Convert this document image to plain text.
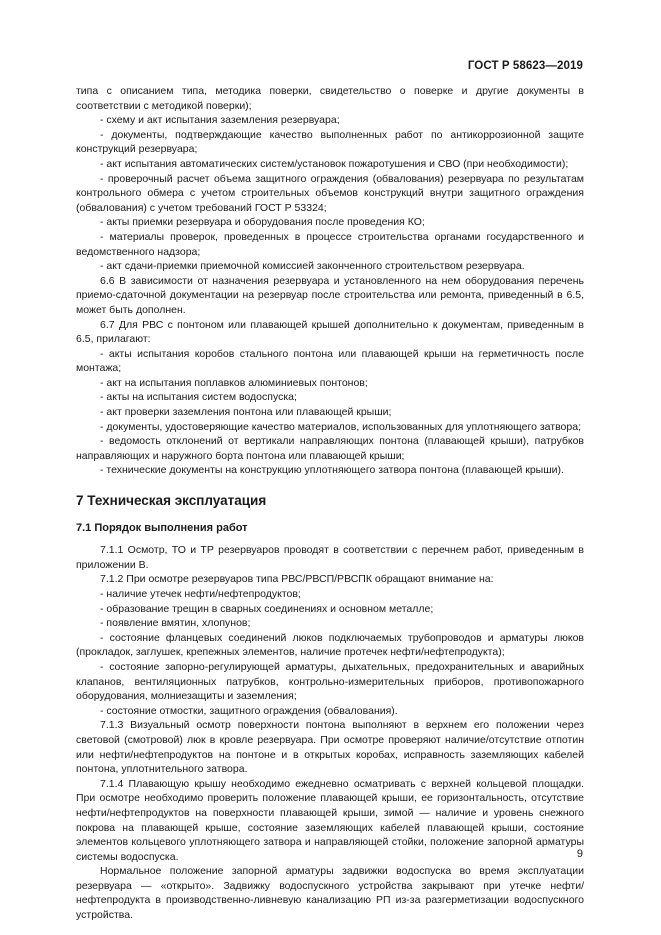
ГОСТ Р 58623—2019

типа с описанием типа, методика поверки, свидетельство о поверке и другие документы в соответствии с методикой поверки);

- схему и акт испытания заземления резервуара;

- документы, подтверждающие качество выполненных работ по антикоррозионной защите конструкций резервуара;

- акт испытания автоматических систем/установок пожаротушения и СВО (при необходимости);

- проверочный расчет объема защитного ограждения (обвалования) резервуара по результатам контрольного обмера с учетом строительных объемов конструкций внутри защитного ограждения (обвалования) с учетом требований ГОСТ Р 53324;

- акты приемки резервуара и оборудования после проведения КО;

- материалы проверок, проведенных в процессе строительства органами государственного и ведомственного надзора;

- акт сдачи-приемки приемочной комиссией законченного строительством резервуара.

6.6 В зависимости от назначения резервуара и установленного на нем оборудования перечень приемо-сдаточной документации на резервуар после строительства или ремонта, приведенный в 6.5, может быть дополнен.

6.7 Для РВС с понтоном или плавающей крышей дополнительно к документам, приведенным в 6.5, прилагают:

- акты испытания коробов стального понтона или плавающей крыши на герметичность после монтажа;

- акт на испытания поплавков алюминиевых понтонов;

- акты на испытания систем водоспуска;

- акт проверки заземления понтона или плавающей крыши;

- документы, удостоверяющие качество материалов, использованных для уплотняющего затвора;

- ведомость отклонений от вертикали направляющих понтона (плавающей крыши), патрубков направляющих и наружного борта понтона или плавающей крыши;

- технические документы на конструкцию уплотняющего затвора понтона (плавающей крыши).

7 Техническая эксплуатация

7.1 Порядок выполнения работ

7.1.1 Осмотр, ТО и ТР резервуаров проводят в соответствии с перечнем работ, приведенным в приложении В.

7.1.2 При осмотре резервуаров типа РВС/РВСП/РВСПК обращают внимание на:

- наличие утечек нефти/нефтепродуктов;

- образование трещин в сварных соединениях и основном металле;

- появление вмятин, хлопунов;

- состояние фланцевых соединений люков подключаемых трубопроводов и арматуры люков (прокладок, заглушек, крепежных элементов, наличие протечек нефти/нефтепродукта);

- состояние запорно-регулирующей арматуры, дыхательных, предохранительных и аварийных клапанов, вентиляционных патрубков, контрольно-измерительных приборов, противопожарного оборудования, молниезащиты и заземления;

- состояние отмостки, защитного ограждения (обвалования).

7.1.3 Визуальный осмотр поверхности понтона выполняют в верхнем его положении через световой (смотровой) люк в кровле резервуара. При осмотре проверяют наличие/отсутствие отпотин или нефти/нефтепродуктов на понтоне и в открытых коробах, исправность заземляющих кабелей понтона, уплотнительного затвора.

7.1.4 Плавающую крышу необходимо ежедневно осматривать с верхней кольцевой площадки. При осмотре необходимо проверить положение плавающей крыши, ее горизонтальность, отсутствие нефти/нефтепродуктов на поверхности плавающей крыши, зимой — наличие и уровень снежного покрова на плавающей крыше, состояние заземляющих кабелей плавающей крыши, состояние элементов кольцевого уплотняющего затвора и направляющей стойки, положение запорной арматуры системы водоспуска.

Нормальное положение запорной арматуры задвижки водоспуска во время эксплуатации резервуара — «открыто». Задвижку водоспускного устройства закрывают при утечке нефти/нефтепродукта в производственно-ливневую канализацию РП из-за разгерметизации водоспускного устройства.

9
